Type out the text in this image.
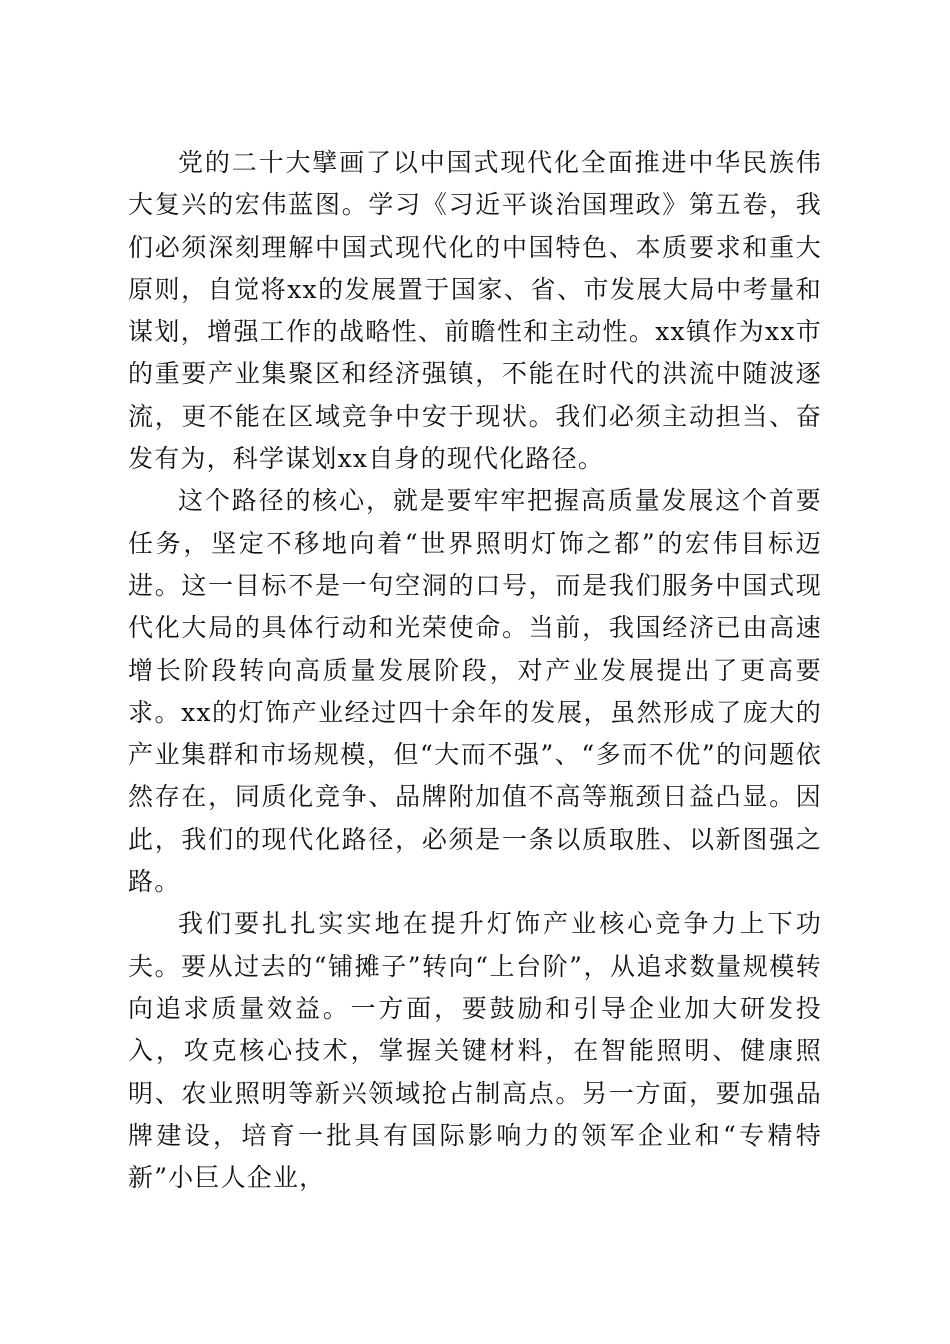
党的二十大擘画了以中国式现代化全面推进中华民族伟大复兴的宏伟蓝图。学习《习近平谈治国理政》第五卷，我们必须深刻理解中国式现代化的中国特色、本质要求和重大原则，自觉将xx的发展置于国家、省、市发展大局中考量和谋划，增强工作的战略性、前瞻性和主动性。xx镇作为xx市的重要产业集聚区和经济强镇，不能在时代的洪流中随波逐流，更不能在区域竞争中安于现状。我们必须主动担当、奋发有为，科学谋划xx自身的现代化路径。

这个路径的核心，就是要牢牢把握高质量发展这个首要任务，坚定不移地向着“世界照明灯饰之都”的宏伟目标迈进。这一目标不是一句空洞的口号，而是我们服务中国式现代化大局的具体行动和光荣使命。当前，我国经济已由高速增长阶段转向高质量发展阶段，对产业发展提出了更高要求。xx的灯饰产业经过四十余年的发展，虽然形成了庞大的产业集群和市场规模，但“大而不强”、“多而不优”的问题依然存在，同质化竞争、品牌附加值不高等瓶颈日益凸显。因此，我们的现代化路径，必须是一条以质取胜、以新图强之路。

我们要扎扎实实地在提升灯饰产业核心竞争力上下功夫。要从过去的“铺摊子”转向“上台阶”，从追求数量规模转向追求质量效益。一方面，要鼓励和引导企业加大研发投入，攻克核心技术，掌握关键材料，在智能照明、健康照明、农业照明等新兴领域抢占制高点。另一方面，要加强品牌建设，培育一批具有国际影响力的领军企业和“专精特新”小巨人企业，
